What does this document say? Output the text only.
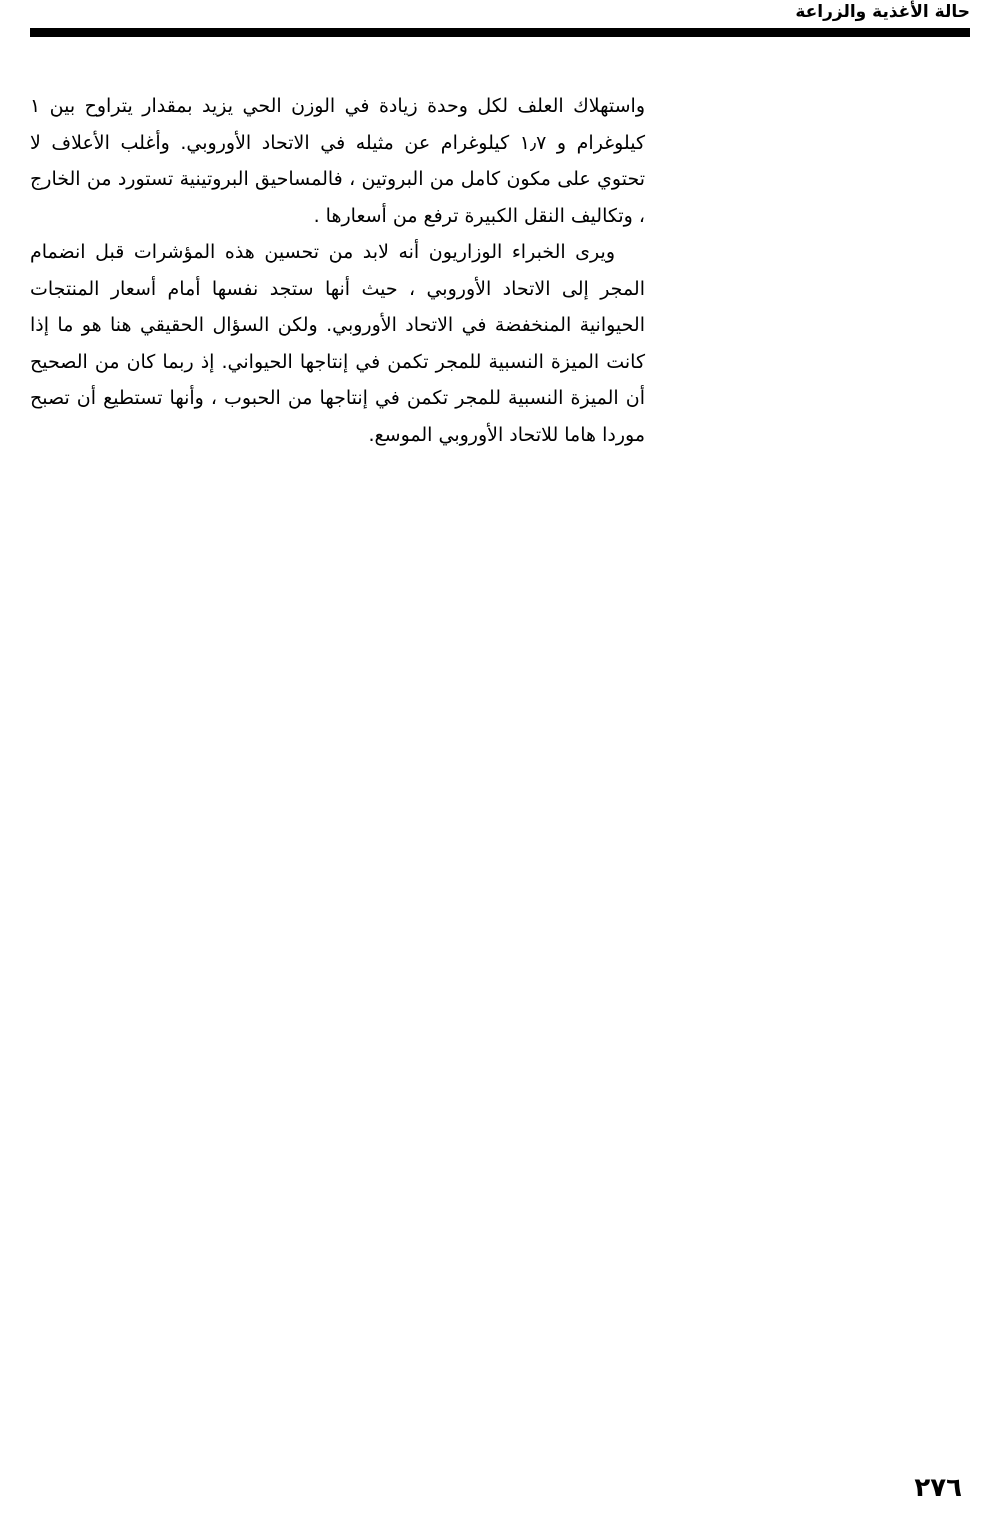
حالة الأغذية والزراعة

واستهلاك العلف لكل وحدة زيادة في الوزن الحي يزيد بمقدار يتراوح بين ١ كيلوغرام و ١٫٧ كيلوغرام عن مثيله في الاتحاد الأوروبي. وأغلب الأعلاف لا تحتوي على مكون كامل من البروتين ، فالمساحيق البروتينية تستورد من الخارج ، وتكاليف النقل الكبيرة ترفع من أسعارها .

ويرى الخبراء الوزاريون أنه لابد من تحسين هذه المؤشرات قبل انضمام المجر إلى الاتحاد الأوروبي ، حيث أنها ستجد نفسها أمام أسعار المنتجات الحيوانية المنخفضة في الاتحاد الأوروبي. ولكن السؤال الحقيقي هنا هو ما إذا كانت الميزة النسبية للمجر تكمن في إنتاجها الحيواني. إذ ربما كان من الصحيح أن الميزة النسبية للمجر تكمن في إنتاجها من الحبوب ، وأنها تستطيع أن تصبح موردا هاما للاتحاد الأوروبي الموسع.

٢٧٦
